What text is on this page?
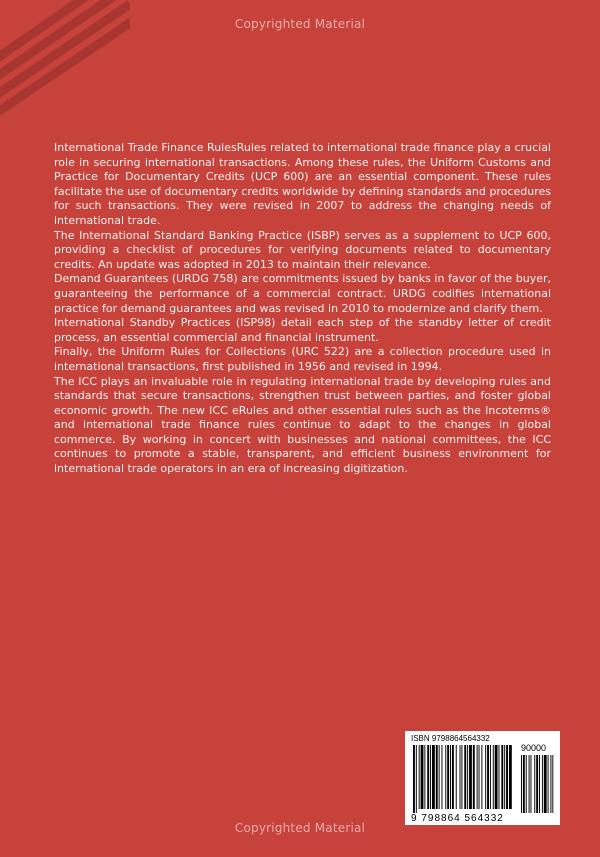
Copyrighted Material

International Trade Finance RulesRules related to international trade finance play a crucial role in securing international transactions. Among these rules, the Uniform Customs and Practice for Documentary Credits (UCP 600) are an essential component. These rules facilitate the use of documentary credits worldwide by defining standards and procedures for such transactions. They were revised in 2007 to address the changing needs of international trade.

The International Standard Banking Practice (ISBP) serves as a supplement to UCP 600, providing a checklist of procedures for verifying documents related to documentary credits. An update was adopted in 2013 to maintain their relevance.

Demand Guarantees (URDG 758) are commitments issued by banks in favor of the buyer, guaranteeing the performance of a commercial contract. URDG codifies international practice for demand guarantees and was revised in 2010 to modernize and clarify them.

International Standby Practices (ISP98) detail each step of the standby letter of credit process, an essential commercial and financial instrument.

Finally, the Uniform Rules for Collections (URC 522) are a collection procedure used in international transactions, first published in 1956 and revised in 1994.

The ICC plays an invaluable role in regulating international trade by developing rules and standards that secure transactions, strengthen trust between parties, and foster global economic growth. The new ICC eRules and other essential rules such as the Incoterms® and international trade finance rules continue to adapt to the changes in global commerce. By working in concert with businesses and national committees, the ICC continues to promote a stable, transparent, and efficient business environment for international trade operators in an era of increasing digitization.

ISBN 9798864564332
90000
9 798864 564332
Copyrighted Material
